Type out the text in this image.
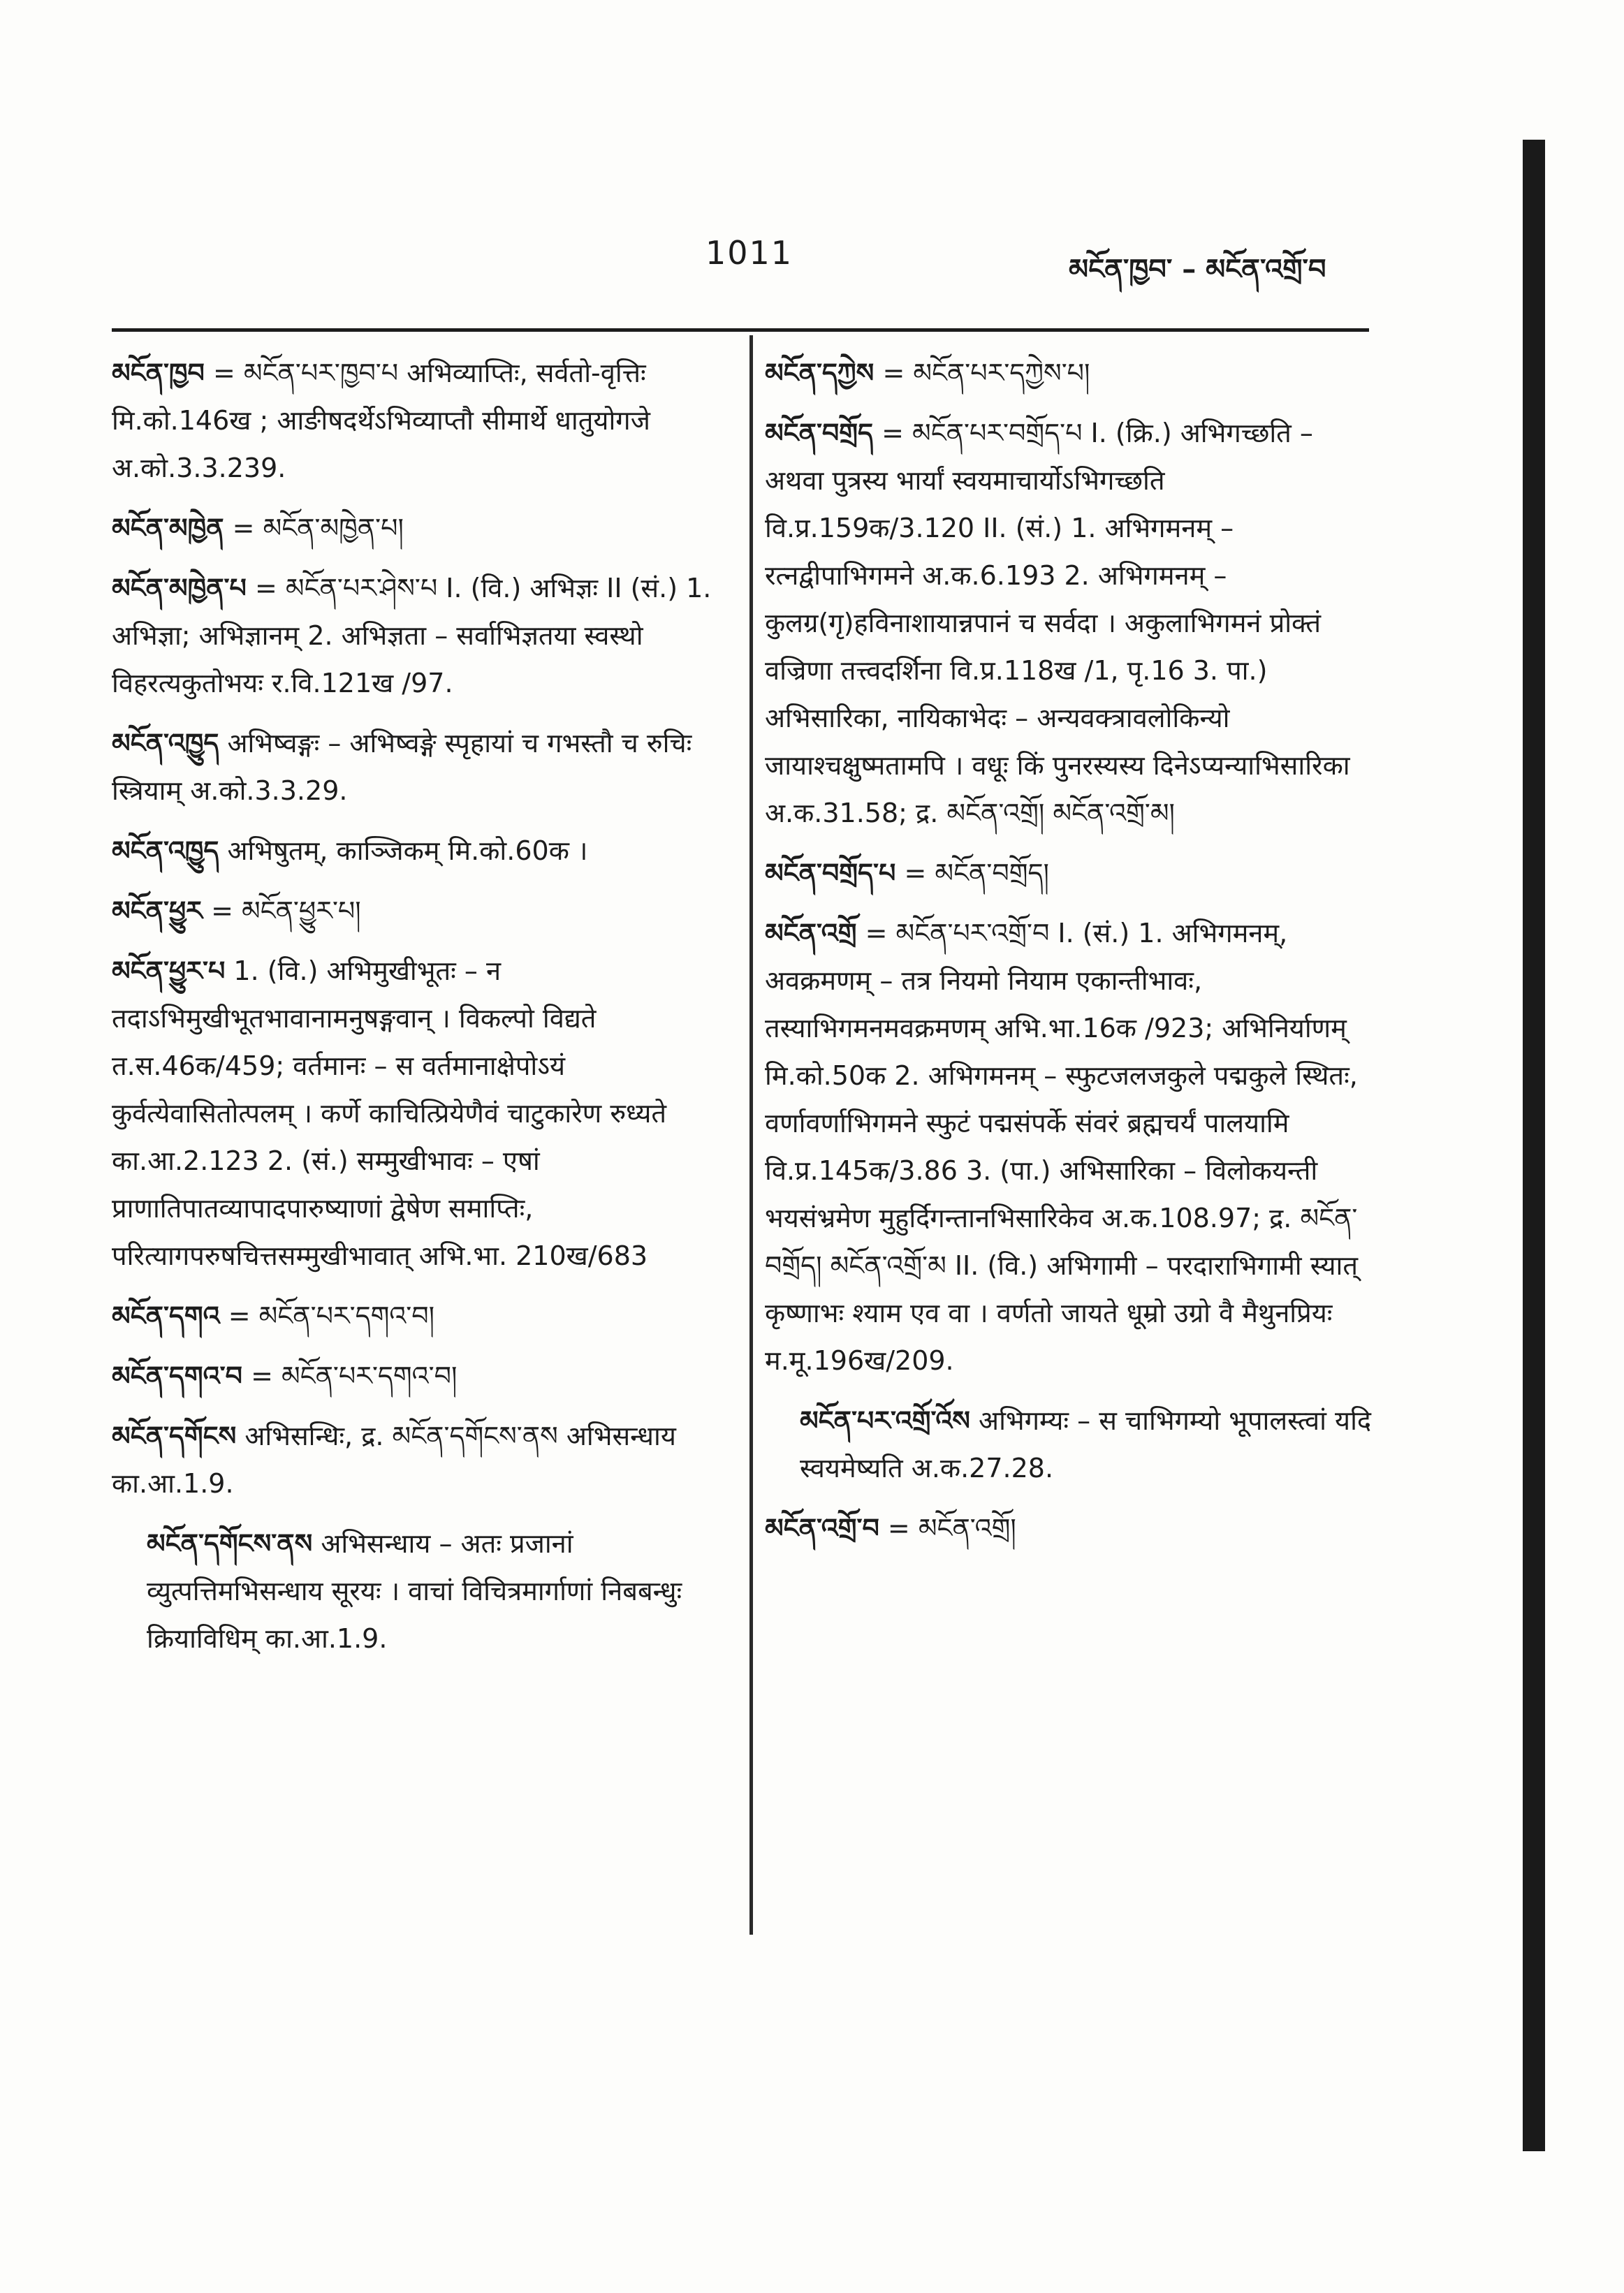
1011	མངོན་ཁྱབ་ – མངོན་འགྲོ་བ
མངོན་ཁྱབ = མངོན་པར་ཁྱབ་པ अभिव्याप्तिः, सर्वतो-वृत्तिः मि.को.146ख ; आङीषदर्थेऽभिव्याप्तौ सीमार्थे धातुयोगजे अ.को.3.3.239.
མངོན་མཁྱེན = མངོན་མཁྱེན་པ།
མངོན་མཁྱེན་པ = མངོན་པར་ཤེས་པ I. (वि.) अभिज्ञः II (सं.) 1. अभिज्ञा; अभिज्ञानम् 2. अभिज्ञता – सर्वाभिज्ञतया स्वस्थो विहरत्यकुतोभयः र.वि.121ख /97.
མངོན་འཁྱུད अभिष्वङ्गः – अभिष्वङ्गे स्पृहायां च गभस्तौ च रुचिः स्त्रियाम् अ.को.3.3.29.
མངོན་འཁྱུད अभिषुतम्, काञ्जिकम् मि.को.60क ।
མངོན་ཕྱུར = མངོན་ཕྱུར་པ།
མངོན་ཕྱུར་པ 1. (वि.) अभिमुखीभूतः – न तदाऽभिमुखीभूतभावानामनुषङ्गवान् । विकल्पो विद्यते त.स.46क/459; वर्तमानः – स वर्तमानाक्षेपोऽयं कुर्वत्येवासितोत्पलम् । कर्णे काचित्प्रियेणैवं चाटुकारेण रुध्यते का.आ.2.123 2. (सं.) सम्मुखीभावः – एषां प्राणातिपातव्यापादपारुष्याणां द्वेषेण समाप्तिः, परित्यागपरुषचित्तसम्मुखीभावात् अभि.भा. 210ख/683
མངོན་དགའ = མངོན་པར་དགའ་བ།
མངོན་དགའ་བ = མངོན་པར་དགའ་བ།
མངོན་དགོངས अभिसन्धिः, द्र. མངོན་དགོངས་ནས अभिसन्धाय का.आ.1.9.
མངོན་དགོངས་ནས अभिसन्धाय – अतः प्रजानां व्युत्पत्तिमभिसन्धाय सूरयः । वाचां विचित्रमार्गाणां निबबन्धुः क्रियाविधिम् का.आ.1.9.
མངོན་དཀྱེས = མངོན་པར་དཀྱེས་པ།
མངོན་བགྲོད = མངོན་པར་བགྲོད་པ I. (क्रि.) अभिगच्छति – अथवा पुत्रस्य भार्यां स्वयमाचार्योऽभिगच्छति वि.प्र.159क/3.120 II. (सं.) 1. अभिगमनम् – रत्नद्वीपाभिगमने अ.क.6.193 2. अभिगमनम् – कुलग्र(गृ)हविनाशायान्नपानं च सर्वदा । अकुलाभिगमनं प्रोक्तं वज्रिणा तत्त्वदर्शिना वि.प्र.118ख /1, पृ.16 3. पा.) अभिसारिका, नायिकाभेदः – अन्यवक्त्रावलोकिन्यो जायाश्चक्षुष्मतामपि । वधूः किं पुनरस्यस्य दिनेऽप्यन्याभिसारिका अ.क.31.58; द्र. མངོན་འགྲོ། མངོན་འགྲོ་མ།
མངོན་བགྲོད་པ = མངོན་བགྲོད།
མངོན་འགྲོ = མངོན་པར་འགྲོ་བ I. (सं.) 1. अभिगमनम्, अवक्रमणम् – तत्र नियमो नियाम एकान्तीभावः, तस्याभिगमनमवक्रमणम् अभि.भा.16क /923; अभिनिर्याणम् मि.को.50क 2. अभिगमनम् – स्फुटजलजकुले पद्मकुले स्थितः, वर्णावर्णाभिगमने स्फुटं पद्मसंपर्के संवरं ब्रह्मचर्यं पालयामि वि.प्र.145क/3.86 3. (पा.) अभिसारिका – विलोकयन्ती भयसंभ्रमेण मुहुर्दिगन्तानभिसारिकेव अ.क.108.97; द्र. མངོན་བགྲོད། མངོན་འགྲོ་མ II. (वि.) अभिगामी – परदाराभिगामी स्यात् कृष्णाभः श्याम एव वा । वर्णतो जायते धूम्रो उग्रो वै मैथुनप्रियः म.मू.196ख/209.
མངོན་པར་འགྲོ་འོས अभिगम्यः – स चाभिगम्यो भूपालस्त्वां यदि स्वयमेष्यति अ.क.27.28.
མངོན་འགྲོ་བ = མངོན་འགྲོ།
